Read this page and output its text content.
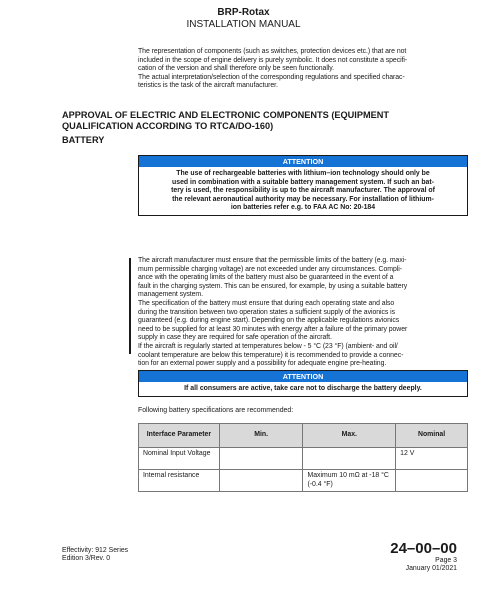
BRP-Rotax
INSTALLATION MANUAL

The representation of components (such as switches, protection devices etc.) that are not

included in the scope of engine delivery is purely symbolic. It does not constitute a specifi-

cation of the version and shall therefore only be seen functionally.

The actual interpretation/selection of the corresponding regulations and specified charac-

teristics is the task of the aircraft manufacturer.

APPROVAL OF ELECTRIC AND ELECTRONIC COMPONENTS (EQUIPMENT
QUALIFICATION ACCORDING TO RTCA/DO-160)
BATTERY
ATTENTION
The use of rechargeable batteries with lithium–ion technology should only be
used in combination with a suitable battery management system. If such an bat-
tery is used, the responsibility is up to the aircraft manufacturer. The approval of
the relevant aeronautical authority may be necessary. For installation of lithium-
ion batteries refer e.g. to FAA AC No: 20-184

The aircraft manufacturer must ensure that the permissible limits of the battery (e.g. maxi-

mum permissible charging voltage) are not exceeded under any circumstances. Compli-

ance with the operating limits of the battery must also be guaranteed in the event of a

fault in the charging system. This can be ensured, for example, by using a suitable battery

management system.

The specification of the battery must ensure that during each operating state and also

during the transition between two operation states a sufficient supply of the avionics is

guaranteed (e.g. during engine start). Depending on the applicable regulations avionics

need to be supplied for at least 30 minutes with energy after a failure of the primary power

supply in case they are required for safe operation of the aircraft.

If the aircraft is regularly started at temperatures below - 5 °C (23 °F) (ambient- and oil/

coolant temperature are below this temperature) it is recommended to provide a connec-

tion for an external power supply and a possibility for adequate engine pre-heating.

ATTENTION
If all consumers are active, take care not to discharge the battery deeply.
Following battery specifications are recommended:
Interface Parameter	Min.	Max.	Nominal
Nominal Input Voltage			12 V
Internal resistance		Maximum 10 mΩ at -18 °C (-0.4 °F)	
Effectivity: 912 Series
Edition 3/Rev. 0
24–00–00
Page 3
January 01/2021
